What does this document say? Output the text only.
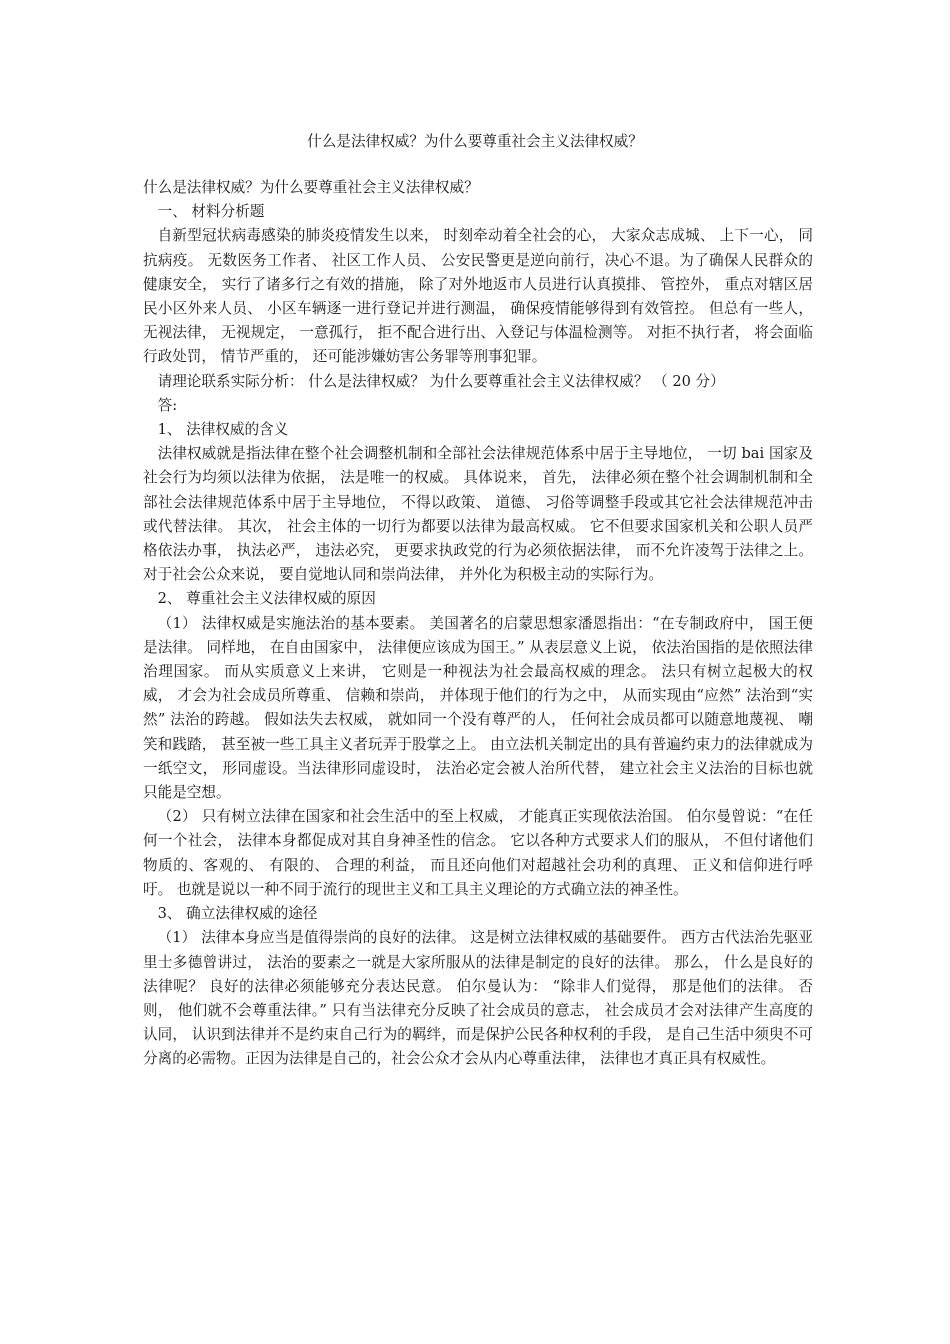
什么是法律权威？为什么要尊重社会主义法律权威？

什么是法律权威？为什么要尊重社会主义法律权威？

一、 材料分析题

自新型冠状病毒感染的肺炎疫情发生以来， 时刻牵动着全社会的心， 大家众志成城、 上下一心， 同抗病疫。 无数医务工作者、 社区工作人员、 公安民警更是逆向前行，决心不退。为了确保人民群众的健康安全， 实行了诸多行之有效的措施， 除了对外地返市人员进行认真摸排、 管控外， 重点对辖区居民小区外来人员、 小区车辆逐一进行登记并进行测温， 确保疫情能够得到有效管控。 但总有一些人， 无视法律， 无视规定， 一意孤行， 拒不配合进行出、入登记与体温检测等。 对拒不执行者， 将会面临行政处罚， 情节严重的， 还可能涉嫌妨害公务罪等刑事犯罪。

请理论联系实际分析： 什么是法律权威？ 为什么要尊重社会主义法律权威？ （ 20 分）

答:

1、 法律权威的含义

法律权威就是指法律在整个社会调整机制和全部社会法律规范体系中居于主导地位， 一切 bai 国家及社会行为均须以法律为依据， 法是唯一的权威。 具体说来， 首先， 法律必须在整个社会调制机制和全部社会法律规范体系中居于主导地位， 不得以政策、 道德、 习俗等调整手段或其它社会法律规范冲击或代替法律。 其次， 社会主体的一切行为都要以法律为最高权威。 它不但要求国家机关和公职人员严格依法办事， 执法必严， 违法必究， 更要求执政党的行为必须依据法律， 而不允许凌驾于法律之上。 对于社会公众来说， 要自觉地认同和崇尚法律， 并外化为积极主动的实际行为。

2、 尊重社会主义法律权威的原因

（1） 法律权威是实施法治的基本要素。 美国著名的启蒙思想家潘恩指出：“在专制政府中， 国王便是法律。 同样地， 在自由国家中， 法律便应该成为国王。” 从表层意义上说， 依法治国指的是依照法律治理国家。 而从实质意义上来讲， 它则是一种视法为社会最高权威的理念。 法只有树立起极大的权威， 才会为社会成员所尊重、 信赖和崇尚， 并体现于他们的行为之中， 从而实现由“应然” 法治到“实然” 法治的跨越。 假如法失去权威， 就如同一个没有尊严的人， 任何社会成员都可以随意地蔑视、 嘲笑和践踏， 甚至被一些工具主义者玩弄于股掌之上。 由立法机关制定出的具有普遍约束力的法律就成为一纸空文， 形同虚设。当法律形同虚设时， 法治必定会被人治所代替， 建立社会主义法治的目标也就只能是空想。

（2） 只有树立法律在国家和社会生活中的至上权威， 才能真正实现依法治国。 伯尔曼曾说：“在任何一个社会， 法律本身都促成对其自身神圣性的信念。 它以各种方式要求人们的服从， 不但付诸他们物质的、客观的、 有限的、 合理的利益， 而且还向他们对超越社会功利的真理、 正义和信仰进行呼吁。 也就是说以一种不同于流行的现世主义和工具主义理论的方式确立法的神圣性。

3、 确立法律权威的途径

（1） 法律本身应当是值得崇尚的良好的法律。 这是树立法律权威的基础要件。 西方古代法治先驱亚里士多德曾讲过， 法治的要素之一就是大家所服从的法律是制定的良好的法律。 那么， 什么是良好的法律呢？ 良好的法律必须能够充分表达民意。 伯尔曼认为： “除非人们觉得， 那是他们的法律。 否则， 他们就不会尊重法律。” 只有当法律充分反映了社会成员的意志， 社会成员才会对法律产生高度的认同， 认识到法律并不是约束自己行为的羁绊，而是保护公民各种权利的手段， 是自己生活中须臾不可分离的必需物。正因为法律是自己的，社会公众才会从内心尊重法律， 法律也才真正具有权威性。
